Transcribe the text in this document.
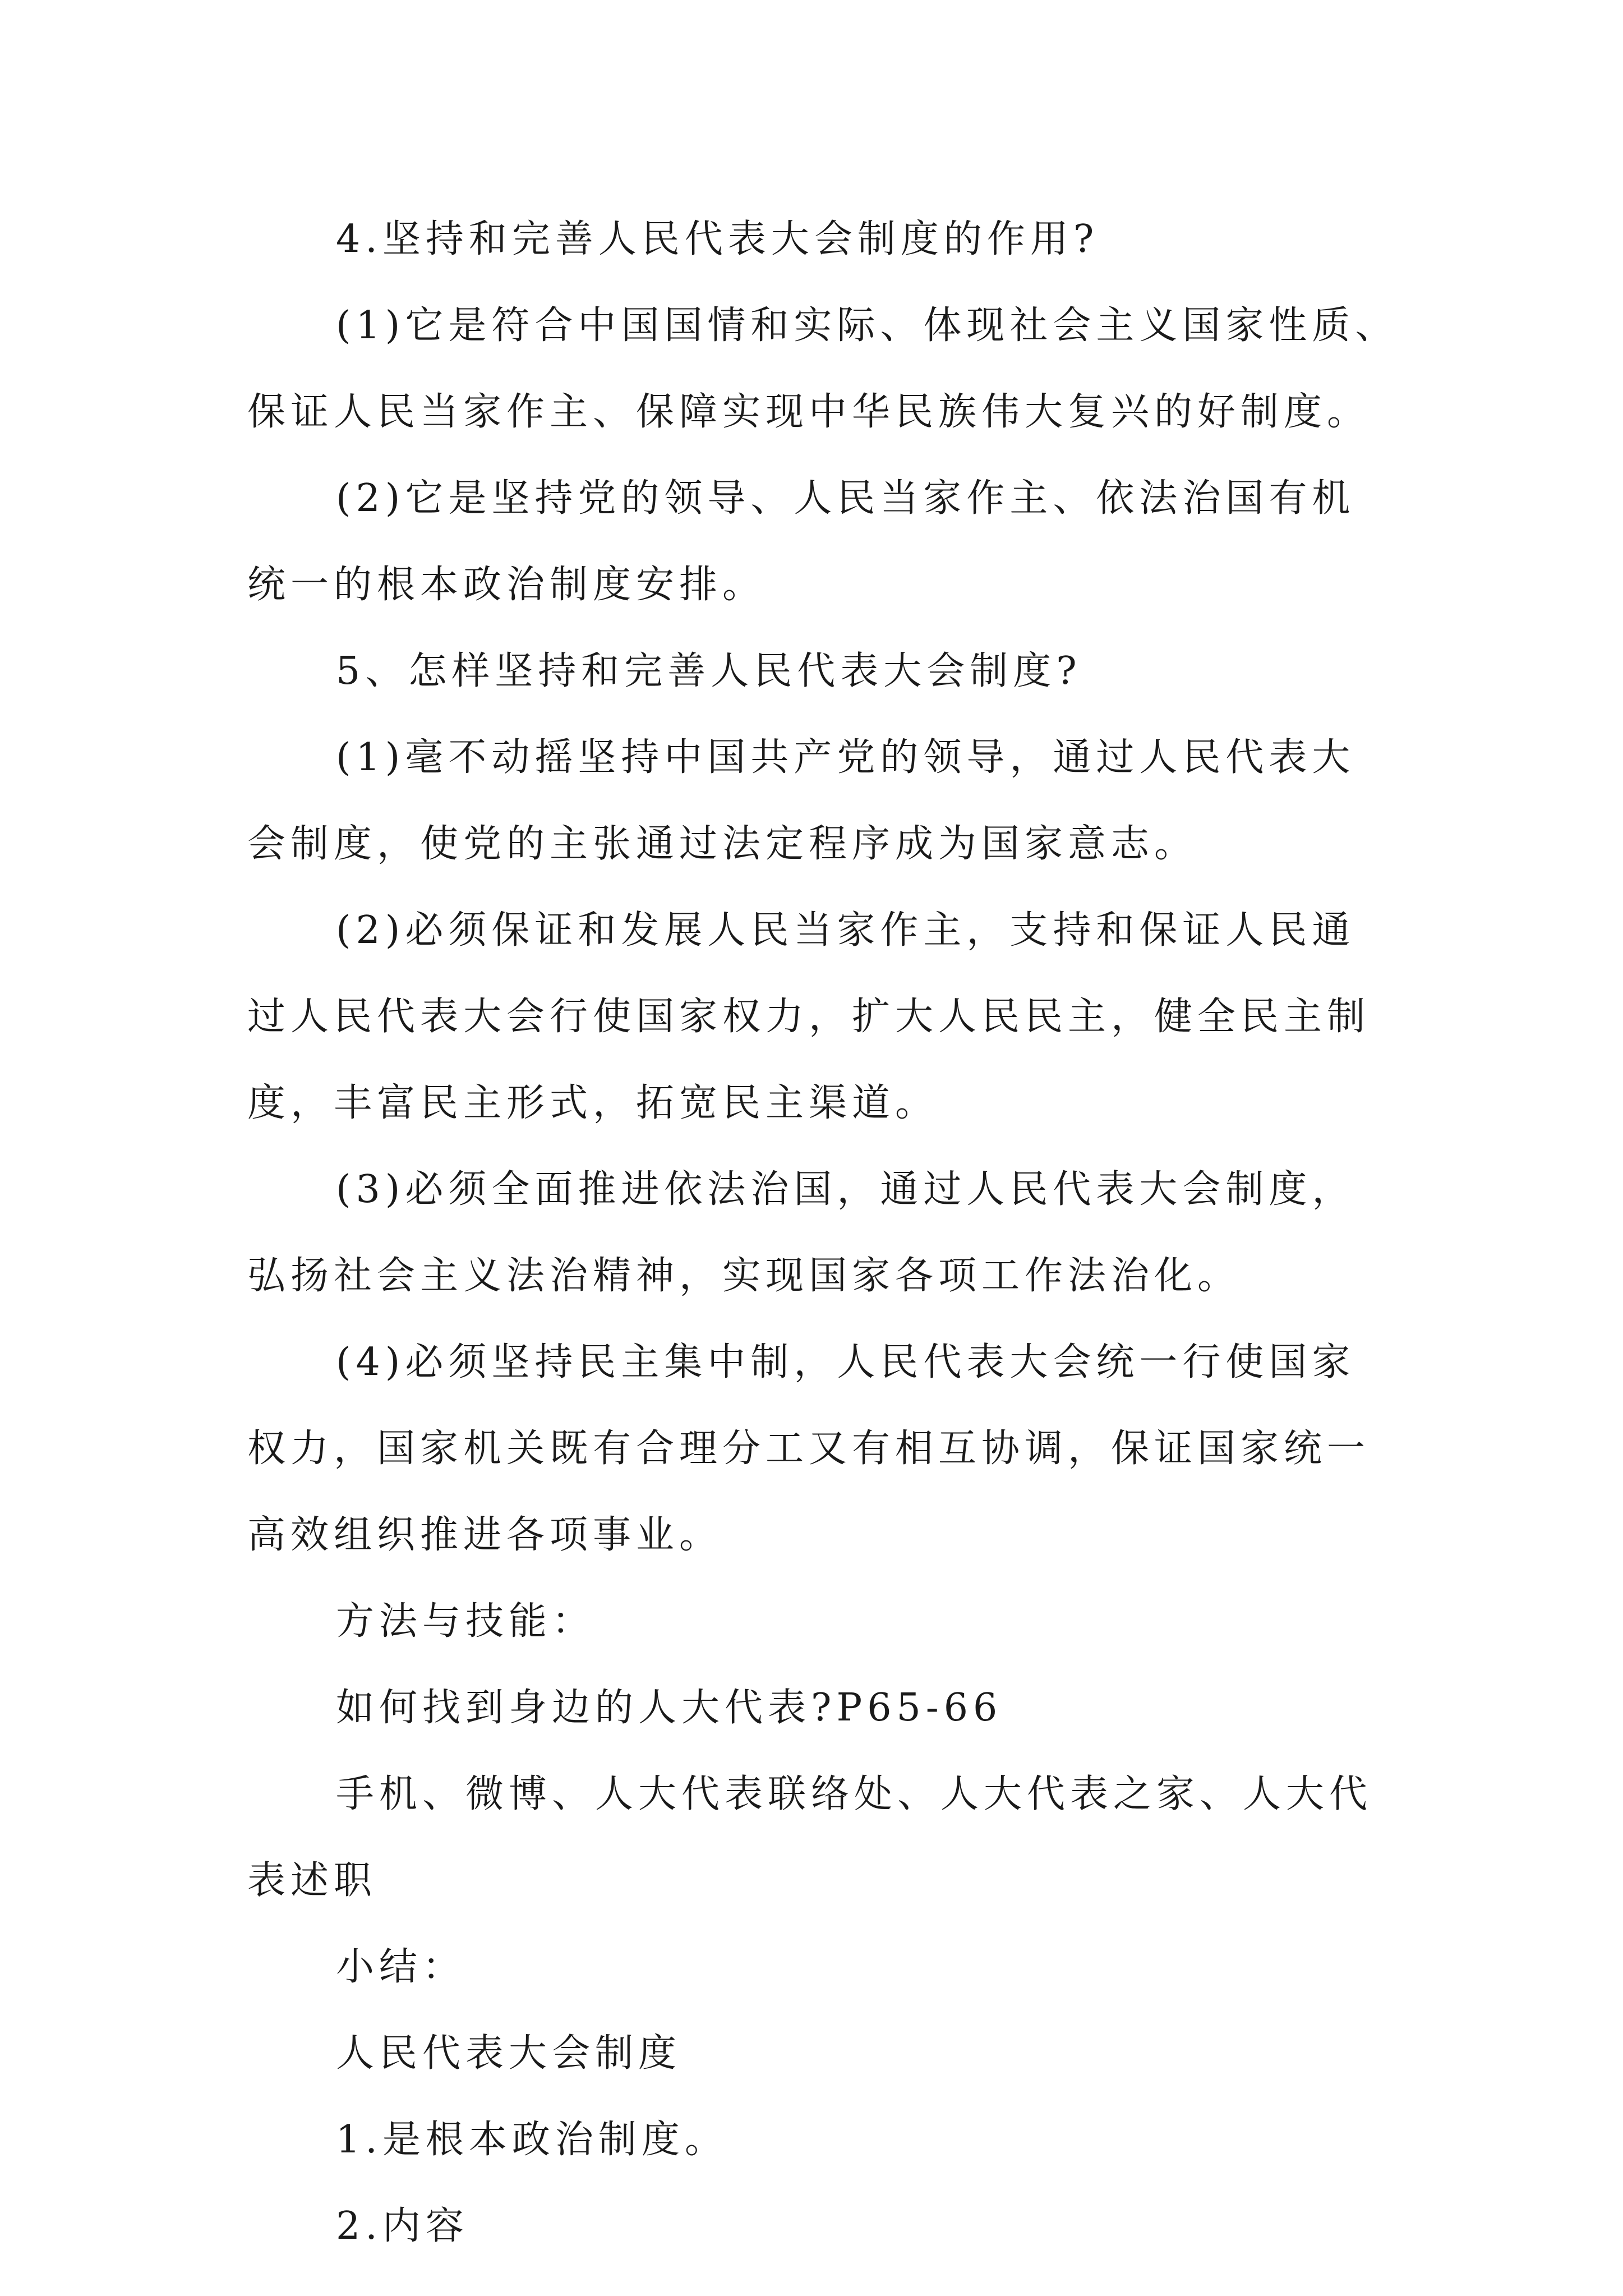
4.坚持和完善人民代表大会制度的作用?
(1)它是符合中国国情和实际、体现社会主义国家性质、
保证人民当家作主、保障实现中华民族伟大复兴的好制度。
(2)它是坚持党的领导、人民当家作主、依法治国有机
统一的根本政治制度安排。
5、怎样坚持和完善人民代表大会制度?
(1)毫不动摇坚持中国共产党的领导，通过人民代表大
会制度，使党的主张通过法定程序成为国家意志。
(2)必须保证和发展人民当家作主，支持和保证人民通
过人民代表大会行使国家权力，扩大人民民主，健全民主制
度，丰富民主形式，拓宽民主渠道。
(3)必须全面推进依法治国，通过人民代表大会制度，
弘扬社会主义法治精神，实现国家各项工作法治化。
(4)必须坚持民主集中制，人民代表大会统一行使国家
权力，国家机关既有合理分工又有相互协调，保证国家统一
高效组织推进各项事业。
方法与技能：
如何找到身边的人大代表?P65-66
手机、微博、人大代表联络处、人大代表之家、人大代
表述职
小结：
人民代表大会制度
1.是根本政治制度。
2.内容
